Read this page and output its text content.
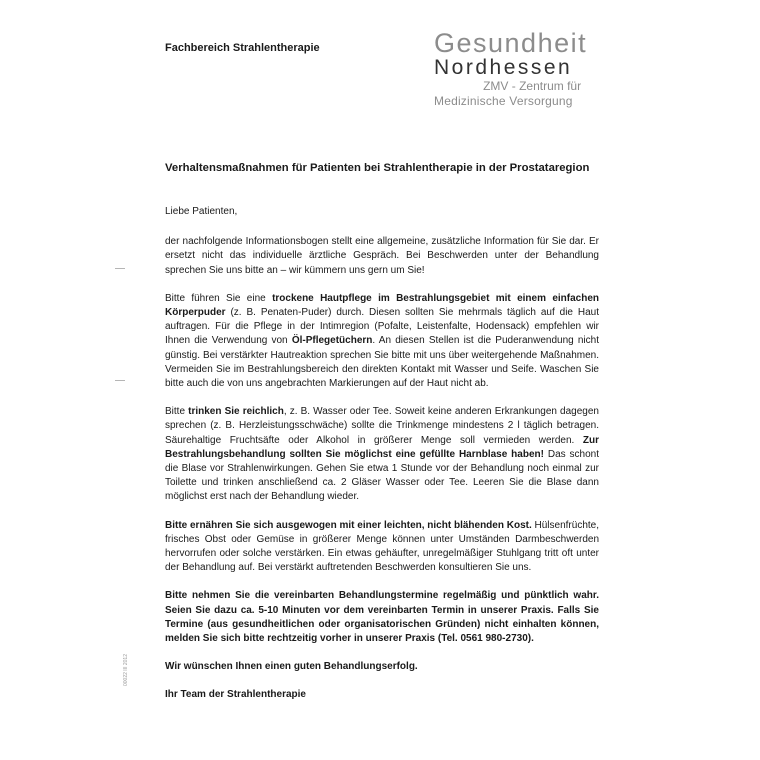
Fachbereich Strahlentherapie	Gesundheit
Nordhessen
ZMV - Zentrum für
Medizinische Versorgung
Verhaltensmaßnahmen für Patienten bei Strahlentherapie in der Prostataregion

Liebe Patienten,

der nachfolgende Informationsbogen stellt eine allgemeine, zusätzliche Information für Sie dar. Er ersetzt nicht das individuelle ärztliche Gespräch. Bei Beschwerden unter der Behandlung sprechen Sie uns bitte an – wir kümmern uns gern um Sie!

Bitte führen Sie eine trockene Hautpflege im Bestrahlungsgebiet mit einem einfachen Körperpuder (z. B. Penaten-Puder) durch. Diesen sollten Sie mehrmals täglich auf die Haut auftragen. Für die Pflege in der Intimregion (Pofalte, Leistenfalte, Hodensack) empfehlen wir Ihnen die Verwendung von Öl-Pflegetüchern. An diesen Stellen ist die Puderanwendung nicht günstig. Bei verstärkter Hautreaktion sprechen Sie bitte mit uns über weitergehende Maßnahmen. Vermeiden Sie im Bestrahlungsbereich den direkten Kontakt mit Wasser und Seife. Waschen Sie bitte auch die von uns angebrachten Markierungen auf der Haut nicht ab.

Bitte trinken Sie reichlich, z. B. Wasser oder Tee. Soweit keine anderen Erkrankungen dagegen sprechen (z. B. Herzleistungsschwäche) sollte die Trinkmenge mindestens 2 l täglich betragen. Säurehaltige Fruchtsäfte oder Alkohol in größerer Menge soll vermieden werden. Zur Bestrahlungsbehandlung sollten Sie möglichst eine gefüllte Harnblase haben! Das schont die Blase vor Strahlenwirkungen. Gehen Sie etwa 1 Stunde vor der Behandlung noch einmal zur Toilette und trinken anschließend ca. 2 Gläser Wasser oder Tee. Leeren Sie die Blase dann möglichst erst nach der Behandlung wieder.

Bitte ernähren Sie sich ausgewogen mit einer leichten, nicht blähenden Kost. Hülsenfrüchte, frisches Obst oder Gemüse in größerer Menge können unter Umständen Darmbeschwerden hervorrufen oder solche verstärken. Ein etwas gehäufter, unregelmäßiger Stuhlgang tritt oft unter der Behandlung auf. Bei verstärkt auftretenden Beschwerden konsultieren Sie uns.

Bitte nehmen Sie die vereinbarten Behandlungstermine regelmäßig und pünktlich wahr. Seien Sie dazu ca. 5-10 Minuten vor dem vereinbarten Termin in unserer Praxis. Falls Sie Termine (aus gesundheitlichen oder organisatorischen Gründen) nicht einhalten können, melden Sie sich bitte rechtzeitig vorher in unserer Praxis (Tel. 0561 980-2730).

Wir wünschen Ihnen einen guten Behandlungserfolg.

Ihr Team der Strahlentherapie

00022 III 2012
